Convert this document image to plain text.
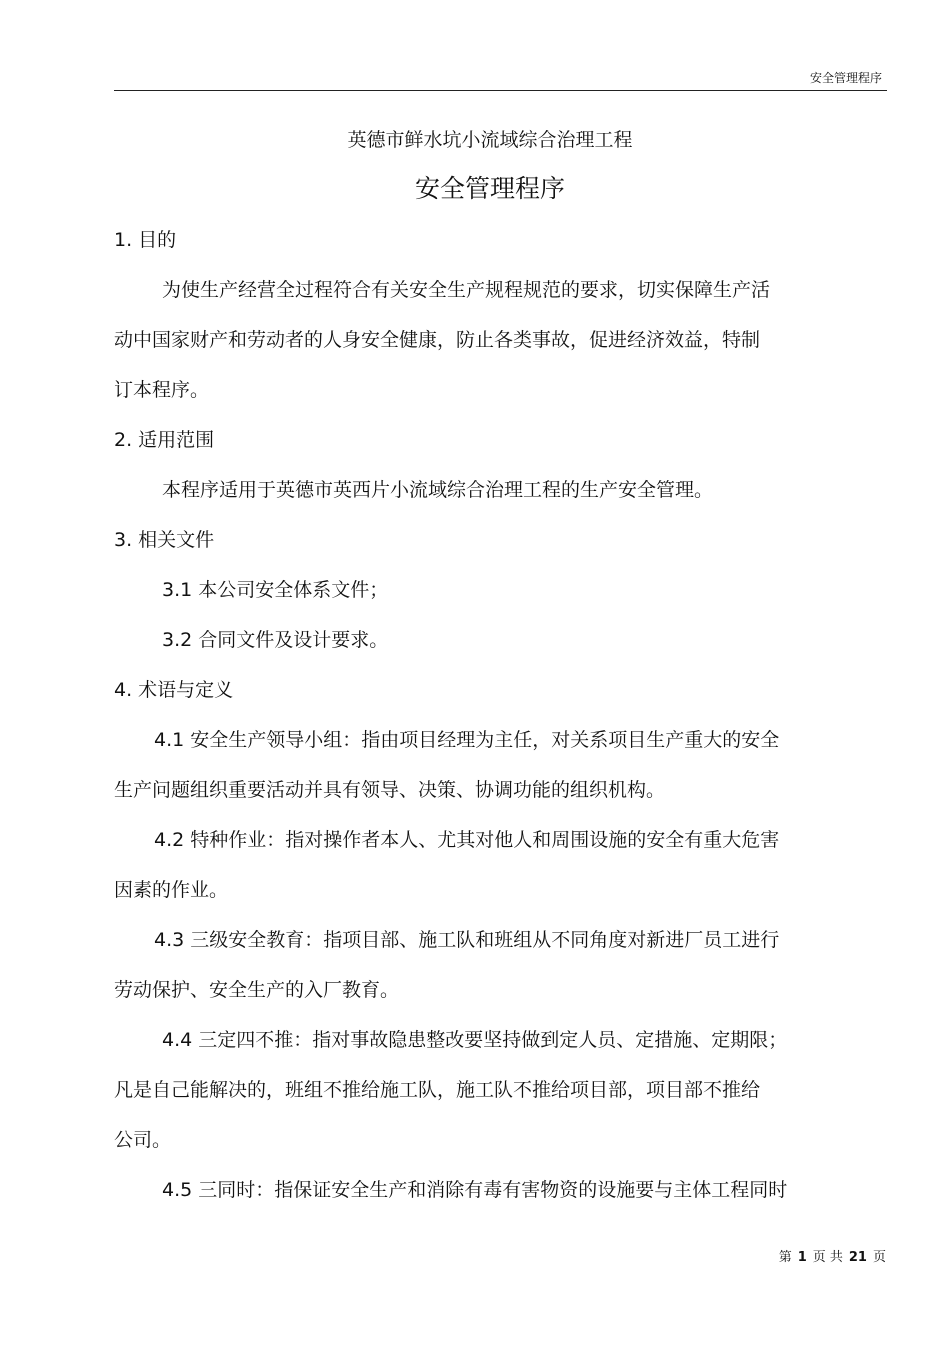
安全管理程序
英德市鲜水坑小流域综合治理工程
安全管理程序
1. 目的
为使生产经营全过程符合有关安全生产规程规范的要求，切实保障生产活
动中国家财产和劳动者的人身安全健康，防止各类事故，促进经济效益，特制
订本程序。
2. 适用范围
本程序适用于英德市英西片小流域综合治理工程的生产安全管理。
3. 相关文件
3.1 本公司安全体系文件；
3.2 合同文件及设计要求。
4. 术语与定义
4.1 安全生产领导小组：指由项目经理为主任，对关系项目生产重大的安全
生产问题组织重要活动并具有领导、决策、协调功能的组织机构。
4.2 特种作业：指对操作者本人、尤其对他人和周围设施的安全有重大危害
因素的作业。
4.3 三级安全教育：指项目部、施工队和班组从不同角度对新进厂员工进行
劳动保护、安全生产的入厂教育。
4.4 三定四不推：指对事故隐患整改要坚持做到定人员、定措施、定期限；
凡是自己能解决的，班组不推给施工队，施工队不推给项目部，项目部不推给
公司。
4.5 三同时：指保证安全生产和消除有毒有害物资的设施要与主体工程同时
第 1 页 共 21 页
